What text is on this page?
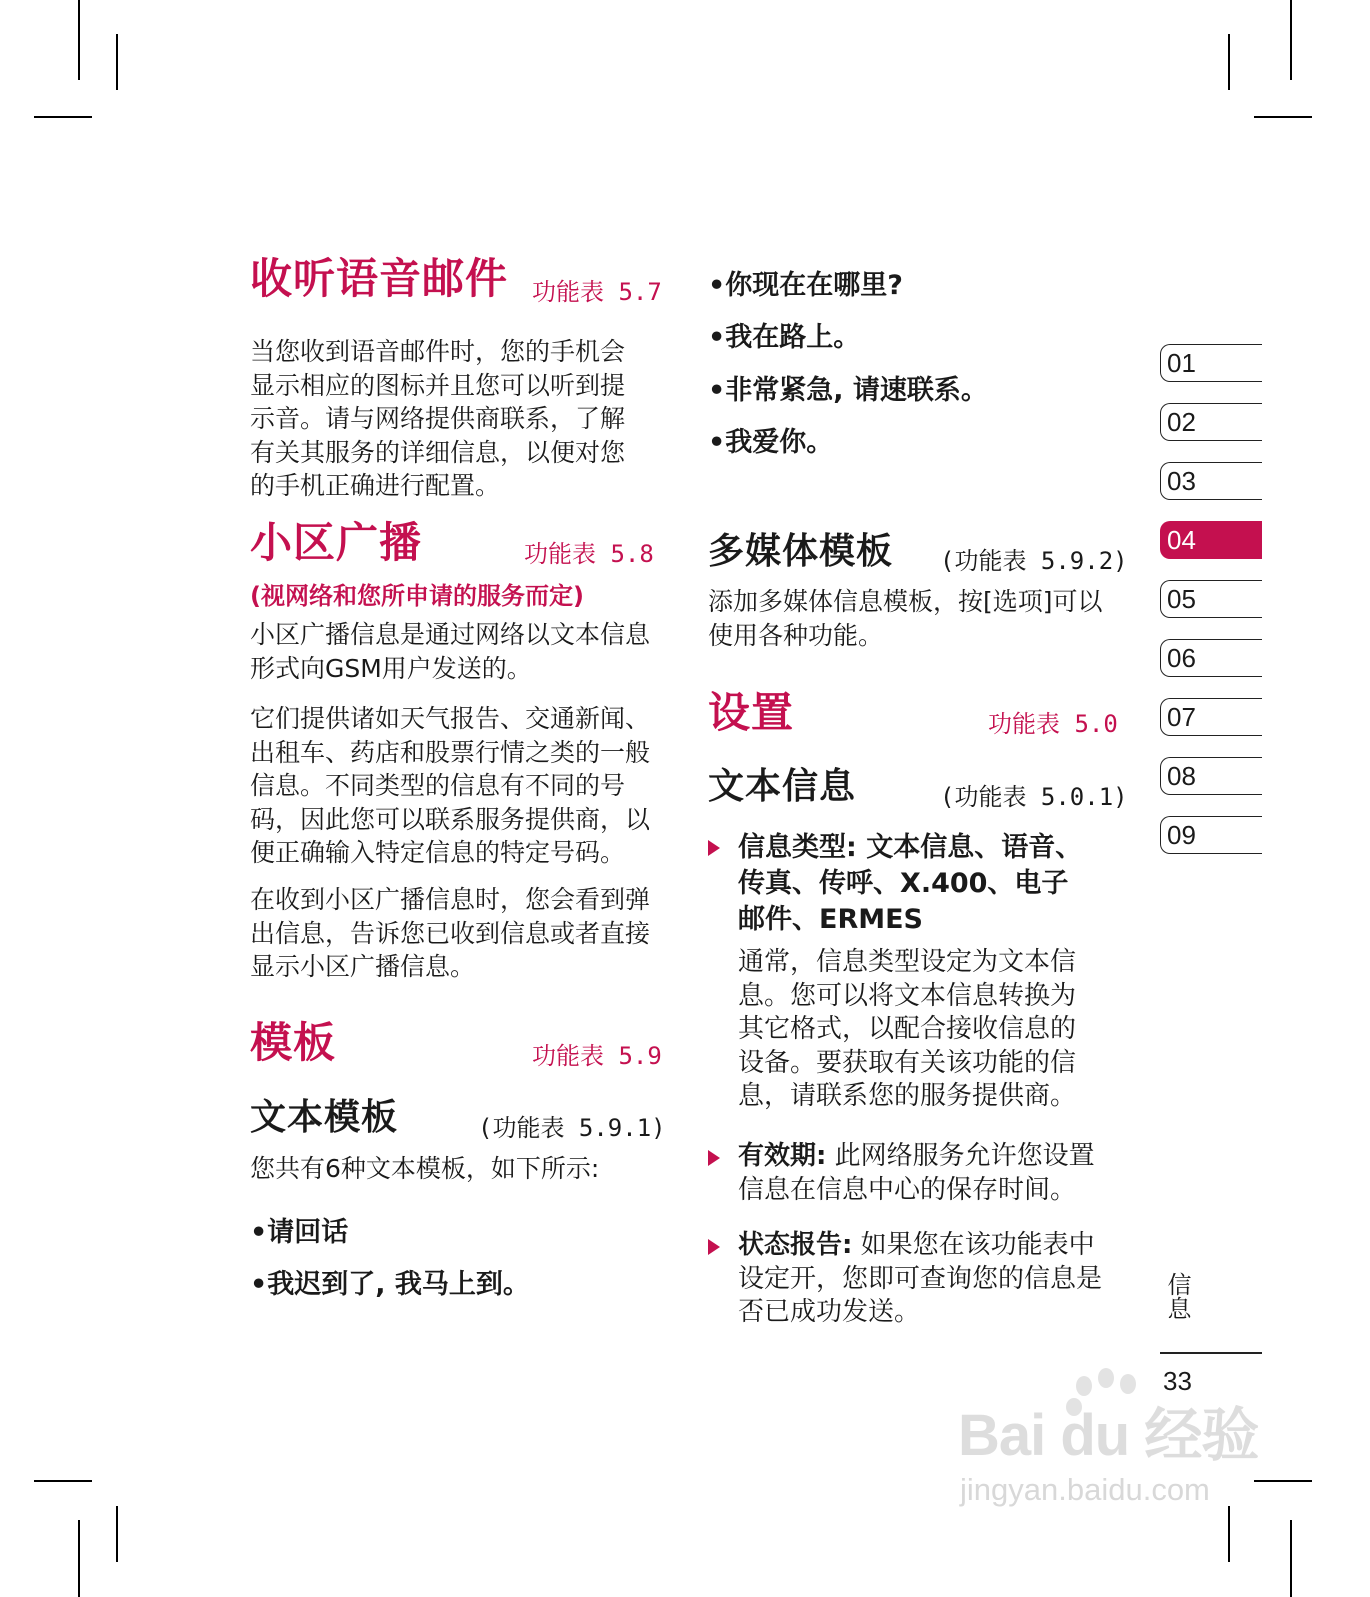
收听语音邮件 功能表 5.7

当您收到语音邮件时，您的手机会显示相应的图标并且您可以听到提示音。请与网络提供商联系，了解有关其服务的详细信息，以便对您的手机正确进行配置。

小区广播	功能表 5.8
(视网络和您所申请的服务而定)

小区广播信息是通过网络以文本信息形式向GSM用户发送的。

它们提供诸如天气报告、交通新闻、出租车、药店和股票行情之类的一般信息。不同类型的信息有不同的号码，因此您可以联系服务提供商，以便正确输入特定信息的特定号码。

在收到小区广播信息时，您会看到弹出信息，告诉您已收到信息或者直接显示小区广播信息。

模板	功能表 5.9
文本模板	(功能表 5.9.1)

您共有6种文本模板，如下所示:

•请回话
•我迟到了, 我马上到。
•你现在在哪里?
•我在路上。
•非常紧急, 请速联系。
•我爱你。
多媒体模板 (功能表 5.9.2)

添加多媒体信息模板，按[选项]可以使用各种功能。

设置	功能表 5.0
文本信息	(功能表 5.0.1)

信息类型: 文本信息、语音、传真、传呼、X.400、电子邮件、ERMES

通常，信息类型设定为文本信息。您可以将文本信息转换为其它格式，以配合接收信息的设备。要获取有关该功能的信息，请联系您的服务提供商。

有效期: 此网络服务允许您设置信息在信息中心的保存时间。

状态报告: 如果您在该功能表中设定开，您即可查询您的信息是否已成功发送。

01
02
03
04
05
06
07
08
09
信息
33
Bai du 经验
jingyan.baidu.com
